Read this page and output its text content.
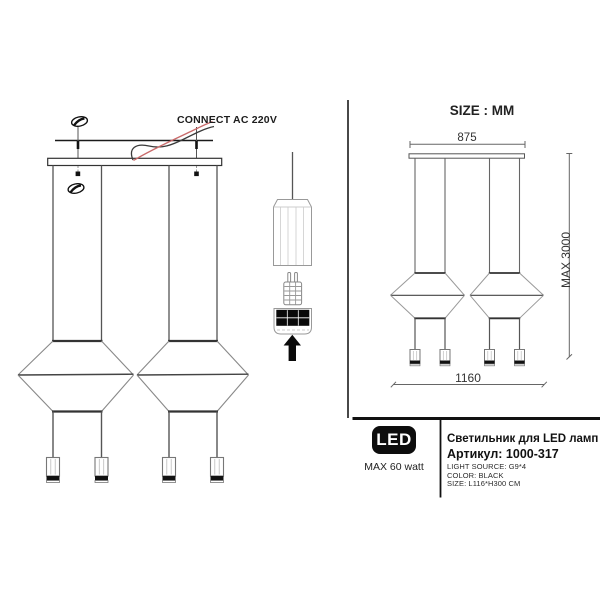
CONNECT AC 220V
SIZE : MM
875
1160
MAX 3000
LED
MAX 60 watt
Светильник для LED ламп
Артикул: 1000-317
LIGHT SOURCE: G9*4
COLOR: BLACK
SIZE: L116*H300 CM
